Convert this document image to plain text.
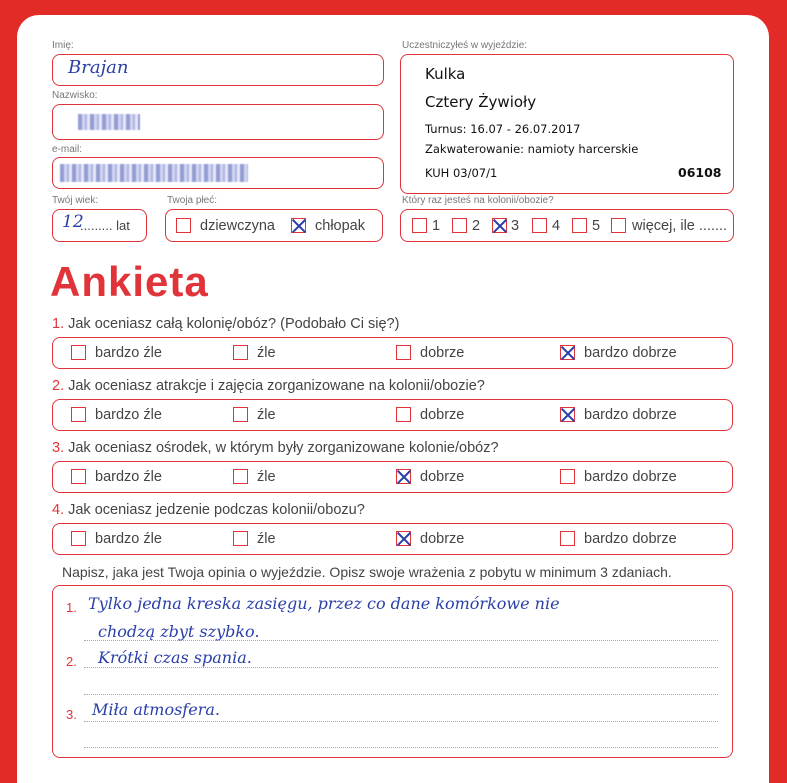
Imię:
Brajan
Nazwisko:
e-mail:
Twój wiek:
12
......... lat
Twoja płeć:
dziewczyna	chłopak
Uczestniczyłeś w wyjeździe:
Kulka
Cztery Żywioły
Turnus: 16.07 - 26.07.2017
Zakwaterowanie: namioty harcerskie
KUH 03/07/1	06108
Który raz jesteś na kolonii/obozie?
1 2 3 4 5 więcej, ile .......
Ankieta
1. Jak oceniasz całą kolonię/obóz? (Podobało Ci się?)
bardzo źle	źle	dobrze	bardzo dobrze
2. Jak oceniasz atrakcje i zajęcia zorganizowane na kolonii/obozie?
bardzo źle	źle	dobrze	bardzo dobrze
3. Jak oceniasz ośrodek, w którym były zorganizowane kolonie/obóz?
bardzo źle	źle	dobrze	bardzo dobrze
4. Jak oceniasz jedzenie podczas kolonii/obozu?
bardzo źle	źle	dobrze	bardzo dobrze
Napisz, jaka jest Twoja opinia o wyjeździe. Opisz swoje wrażenia z pobytu w minimum 3 zdaniach.
1. Tylko jedna kreska zasięgu, przez co dane komórkowe nie
chodzą zbyt szybko.
2. Krótki czas spania.
3. Miła atmosfera.
